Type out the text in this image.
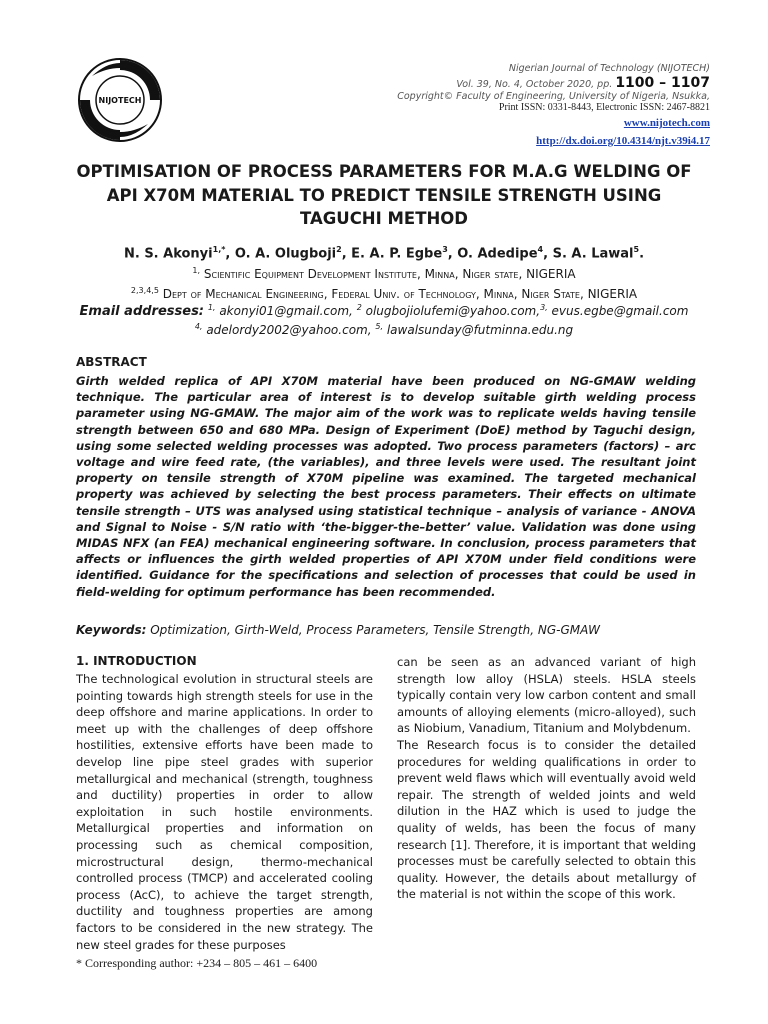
NIJOTECH
Nigerian Journal of Technology (NIJOTECH)
Vol. 39, No. 4, October 2020, pp. 1100 – 1107
Copyright© Faculty of Engineering, University of Nigeria, Nsukka,
Print ISSN: 0331-8443, Electronic ISSN: 2467-8821
www.nijotech.com
http://dx.doi.org/10.4314/njt.v39i4.17
OPTIMISATION OF PROCESS PARAMETERS FOR M.A.G WELDING OF
API X70M MATERIAL TO PREDICT TENSILE STRENGTH USING
TAGUCHI METHOD
N. S. Akonyi$^{1,*}$, O. A. Olugboji$^2$, E. A. P. Egbe$^3$, O. Adedipe$^4$, S. A. Lawal$^5$.
$^{1,}$ Scientific Equipment Development Institute, Minna, Niger state, NIGERIA
$^{2,3,4,5}$ Dept of Mechanical Engineering, Federal Univ. of Technology, Minna, Niger State, NIGERIA
Email addresses: $^{1,}$ akonyi01@gmail.com, $^2$ olugbojiolufemi@yahoo.com,$^{3,}$ evus.egbe@gmail.com
$^{4,}$ adelordy2002@yahoo.com, $^{5,}$ lawalsunday@futminna.edu.ng
ABSTRACT

Girth welded replica of API X70M material have been produced on NG-GMAW welding technique. The particular area of interest is to develop suitable girth welding process parameter using NG-GMAW. The major aim of the work was to replicate welds having tensile strength between 650 and 680 MPa. Design of Experiment (DoE) method by Taguchi design, using some selected welding processes was adopted. Two process parameters (factors) – arc voltage and wire feed rate, (the variables), and three levels were used. The resultant joint property on tensile strength of X70M pipeline was examined. The targeted mechanical property was achieved by selecting the best process parameters. Their effects on ultimate tensile strength – UTS was analysed using statistical technique – analysis of variance - ANOVA and Signal to Noise - S/N ratio with ‘the-bigger-the–better’ value. Validation was done using MIDAS NFX (an FEA) mechanical engineering software. In conclusion, process parameters that affects or influences the girth welded properties of API X70M under field conditions were identified. Guidance for the specifications and selection of processes that could be used in field-welding for optimum performance has been recommended.

Keywords: Optimization, Girth-Weld, Process Parameters, Tensile Strength, NG-GMAW
1. INTRODUCTION

The technological evolution in structural steels are pointing towards high strength steels for use in the deep offshore and marine applications. In order to meet up with the challenges of deep offshore hostilities, extensive efforts have been made to develop line pipe steel grades with superior metallurgical and mechanical (strength, toughness and ductility) properties in order to allow exploitation in such hostile environments. Metallurgical properties and information on processing such as chemical composition, microstructural design, thermo-mechanical controlled process (TMCP) and accelerated cooling process (AcC), to achieve the target strength, ductility and toughness properties are among factors to be considered in the new strategy. The new steel grades for these purposes

can be seen as an advanced variant of high strength low alloy (HSLA) steels. HSLA steels typically contain very low carbon content and small amounts of alloying elements (micro-alloyed), such as Niobium, Vanadium, Titanium and Molybdenum.

The Research focus is to consider the detailed procedures for welding qualifications in order to prevent weld flaws which will eventually avoid weld repair. The strength of welded joints and weld dilution in the HAZ which is used to judge the quality of welds, has been the focus of many research [1]. Therefore, it is important that welding processes must be carefully selected to obtain this quality. However, the details about metallurgy of the material is not within the scope of this work.

* Corresponding author: +234 – 805 – 461 – 6400
